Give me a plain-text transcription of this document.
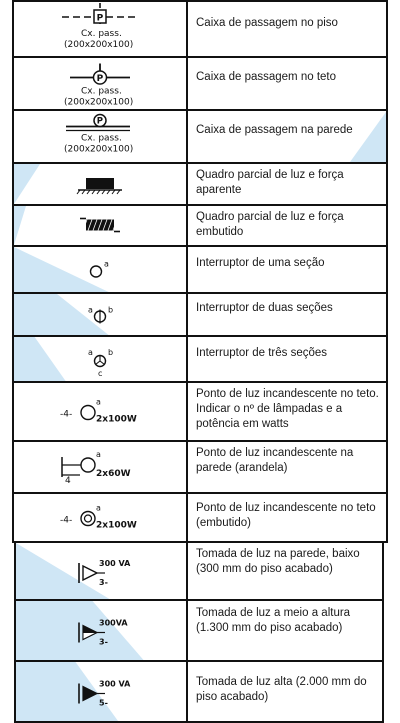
P
Cx. pass.
(200x200x100)
Caixa de passagem no piso
P
Cx. pass.
(200x200x100)
Caixa de passagem no teto
P
Cx. pass.
(200x200x100)
Caixa de passagem na parede
Quadro parcial de luz e força aparente
Quadro parcial de luz e força embutido
a	Interruptor de uma seção
a b	Interruptor de duas seções
a b
c
Interruptor de três seções
-4-
a
2x100W
Ponto de luz incandescente no teto. Indicar o nº de lâmpadas e a potência em watts
4
a
2x60W
Ponto de luz incandescente na parede (arandela)
-4-
a
2x100W
Ponto de luz incandescente no teto (embutido)
300 VA
3-
Tomada de luz na parede, baixo (300 mm do piso acabado)
300VA
3-
Tomada de luz a meio a altura (1.300 mm do piso acabado)
300 VA
5-
Tomada de luz alta (2.000 mm do piso acabado)
